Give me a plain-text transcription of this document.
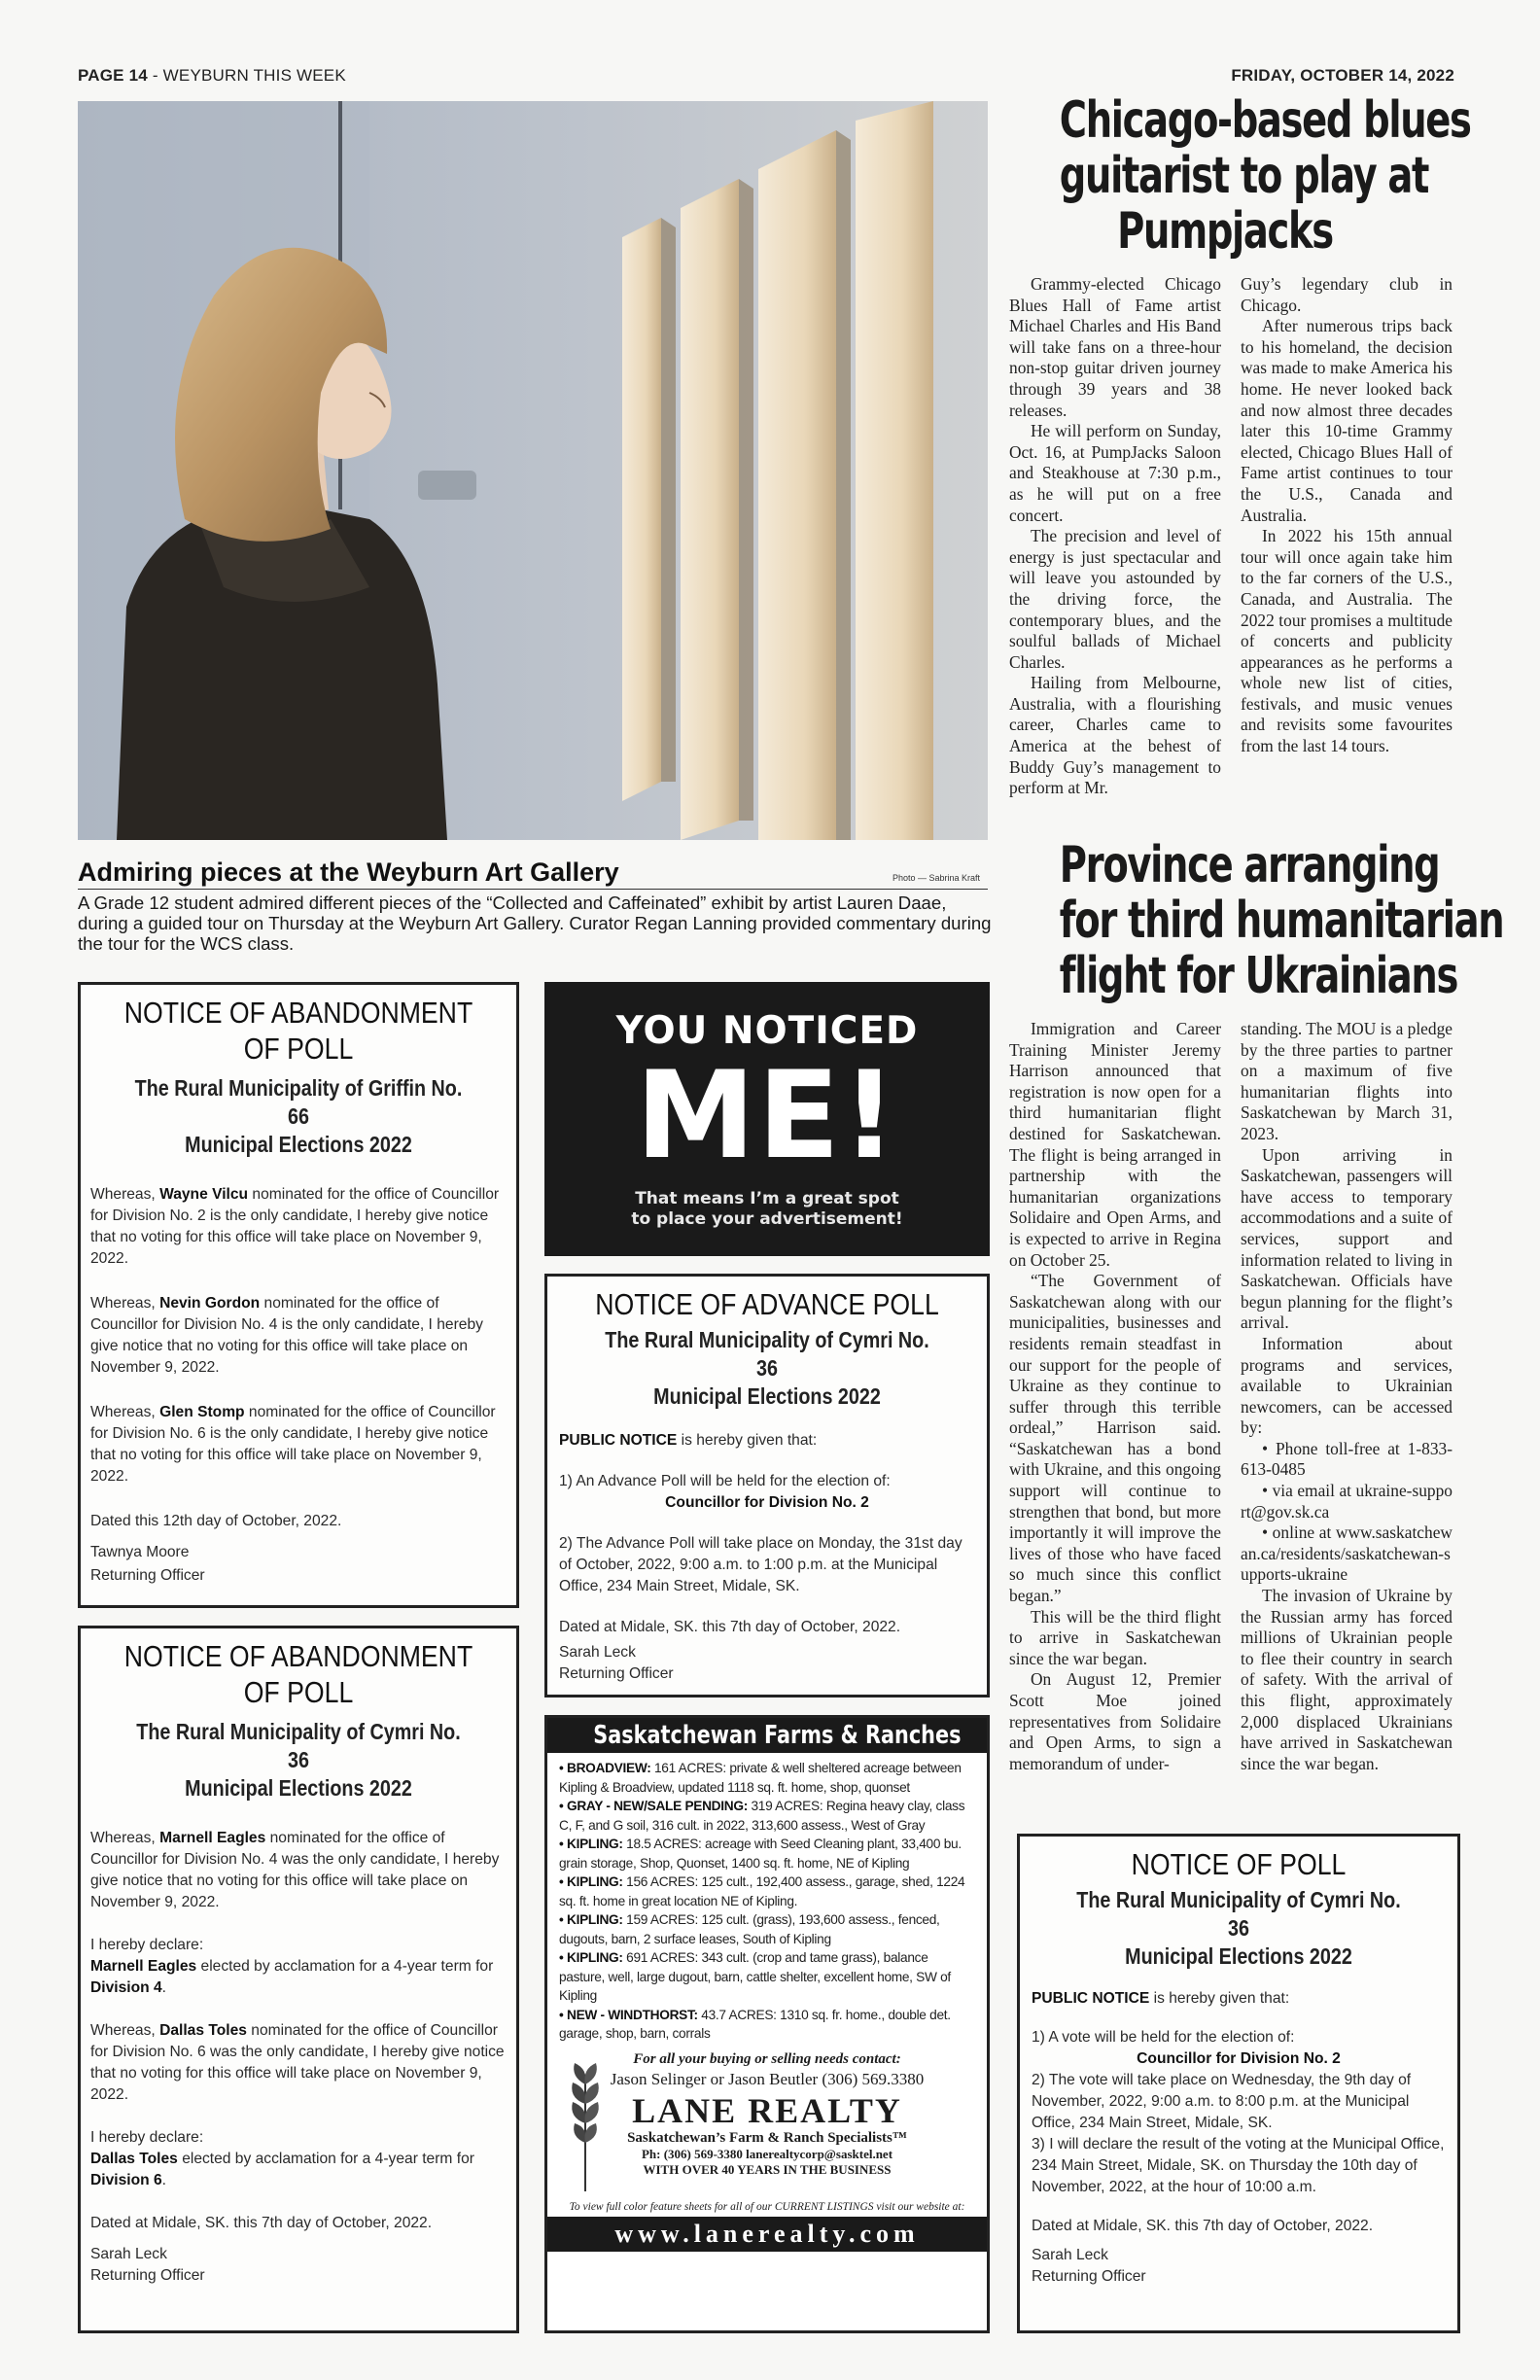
PAGE 14 - WEYBURN THIS WEEK	FRIDAY, OCTOBER 14, 2022
Admiring pieces at the Weyburn Art Gallery	Photo — Sabrina Kraft
A Grade 12 student admired different pieces of the “Collected and Caffeinated” exhibit by artist Lauren Daae, during a guided tour on Thursday at the Weyburn Art Gallery. Curator Regan Lanning provided commentary during the tour for the WCS class.
Chicago-based blues
guitarist to play at
Pumpjacks

Grammy-elected Chicago Blues Hall of Fame artist Michael Charles and His Band will take fans on a three-hour non-stop guitar driven journey through 39 years and 38 releases.

He will perform on Sunday, Oct. 16, at PumpJacks Saloon and Steakhouse at 7:30 p.m., as he will put on a free concert.

The precision and level of energy is just spectacular and will leave you astounded by the driving force, the contemporary blues, and the soulful ballads of Michael Charles.

Hailing from Melbourne, Australia, with a flourishing career, Charles came to America at the behest of Buddy Guy’s management to perform at Mr.

Guy’s legendary club in Chicago.

After numerous trips back to his homeland, the decision was made to make America his home. He never looked back and now almost three decades later this 10-time Grammy elected, Chicago Blues Hall of Fame artist continues to tour the U.S., Canada and Australia.

In 2022 his 15th annual tour will once again take him to the far corners of the U.S., Canada, and Australia. The 2022 tour promises a multitude of concerts and publicity appearances as he performs a whole new list of cities, festivals, and music venues and revisits some favourites from the last 14 tours.

Province arranging
for third humanitarian
flight for Ukrainians

Immigration and Career Training Minister Jeremy Harrison announced that registration is now open for a third humanitarian flight destined for Saskatchewan. The flight is being arranged in partnership with the humanitarian organizations Solidaire and Open Arms, and is expected to arrive in Regina on October 25.

“The Government of Saskatchewan along with our municipalities, businesses and residents remain steadfast in our support for the people of Ukraine as they continue to suffer through this terrible ordeal,” Harrison said. “Saskatchewan has a bond with Ukraine, and this ongoing support will continue to strengthen that bond, but more importantly it will improve the lives of those who have faced so much since this conflict began.”

This will be the third flight to arrive in Saskatchewan since the war began.

On August 12, Premier Scott Moe joined representatives from Solidaire and Open Arms, to sign a memorandum of under-

standing. The MOU is a pledge by the three parties to partner on a maximum of five humanitarian flights into Saskatchewan by March 31, 2023.

Upon arriving in Saskatchewan, passengers will have access to temporary accommodations and a suite of services, support and information related to living in Saskatchewan. Officials have begun planning for the flight’s arrival.

Information about programs and services, available to Ukrainian newcomers, can be accessed by:

• Phone toll-free at 1-833-613-0485

• via email at ukraine-support@gov.sk.ca

• online at www.saskatchewan.ca/residents/saskatchewan-supports-ukraine

The invasion of Ukraine by the Russian army has forced millions of Ukrainian people to flee their country in search of safety. With the arrival of this flight, approximately 2,000 displaced Ukrainians have arrived in Saskatchewan since the war began.

NOTICE OF ABANDONMENT
OF POLL
The Rural Municipality of Griffin No. 66
Municipal Elections 2022
Whereas, Wayne Vilcu nominated for the office of Councillor for Division No. 2 is the only candidate, I hereby give notice that no voting for this office will take place on November 9, 2022.
Whereas, Nevin Gordon nominated for the office of Councillor for Division No. 4 is the only candidate, I hereby give notice that no voting for this office will take place on November 9, 2022.
Whereas, Glen Stomp nominated for the office of Councillor for Division No. 6 is the only candidate, I hereby give notice that no voting for this office will take place on November 9, 2022.
Dated this 12th day of October, 2022.
Tawnya Moore
Returning Officer
NOTICE OF ABANDONMENT
OF POLL
The Rural Municipality of Cymri No. 36
Municipal Elections 2022
Whereas, Marnell Eagles nominated for the office of Councillor for Division No. 4 was the only candidate, I hereby give notice that no voting for this office will take place on November 9, 2022.
I hereby declare:
Marnell Eagles elected by acclamation for a 4-year term for Division 4.
Whereas, Dallas Toles nominated for the office of Councillor for Division No. 6 was the only candidate, I hereby give notice that no voting for this office will take place on November 9, 2022.
I hereby declare:
Dallas Toles elected by acclamation for a 4-year term for Division 6.
Dated at Midale, SK. this 7th day of October, 2022.
Sarah Leck
Returning Officer
YOU NOTICED
ME!
That means I’m a great spot
to place your advertisement!
NOTICE OF ADVANCE POLL
The Rural Municipality of Cymri No. 36
Municipal Elections 2022
PUBLIC NOTICE is hereby given that:
1) An Advance Poll will be held for the election of:
Councillor for Division No. 2
2) The Advance Poll will take place on Monday, the 31st day of October, 2022, 9:00 a.m. to 1:00 p.m. at the Municipal Office, 234 Main Street, Midale, SK.
Dated at Midale, SK. this 7th day of October, 2022.
Sarah Leck
Returning Officer
Saskatchewan Farms & Ranches
• BROADVIEW: 161 ACRES: private & well sheltered acreage between Kipling & Broadview, updated 1118 sq. ft. home, shop, quonset
• GRAY - NEW/SALE PENDING: 319 ACRES: Regina heavy clay, class C, F, and G soil, 316 cult. in 2022, 313,600 assess., West of Gray
• KIPLING: 18.5 ACRES: acreage with Seed Cleaning plant, 33,400 bu. grain storage, Shop, Quonset, 1400 sq. ft. home, NE of Kipling
• KIPLING: 156 ACRES: 125 cult., 192,400 assess., garage, shed, 1224 sq. ft. home in great location NE of Kipling.
• KIPLING: 159 ACRES: 125 cult. (grass), 193,600 assess., fenced, dugouts, barn, 2 surface leases, South of Kipling
• KIPLING: 691 ACRES: 343 cult. (crop and tame grass), balance pasture, well, large dugout, barn, cattle shelter, excellent home, SW of Kipling
• NEW - WINDTHORST: 43.7 ACRES: 1310 sq. fr. home., double det. garage, shop, barn, corrals
For all your buying or selling needs contact:
Jason Selinger or Jason Beutler (306) 569.3380
LANE REALTY
Saskatchewan’s Farm & Ranch Specialists™
Ph: (306) 569-3380 lanerealtycorp@sasktel.net
WITH OVER 40 YEARS IN THE BUSINESS
To view full color feature sheets for all of our CURRENT LISTINGS visit our website at:
www.lanerealty.com
NOTICE OF POLL
The Rural Municipality of Cymri No. 36
Municipal Elections 2022
PUBLIC NOTICE is hereby given that:
1) A vote will be held for the election of:
Councillor for Division No. 2
2) The vote will take place on Wednesday, the 9th day of November, 2022, 9:00 a.m. to 8:00 p.m. at the Municipal Office, 234 Main Street, Midale, SK.
3) I will declare the result of the voting at the Municipal Office, 234 Main Street, Midale, SK. on Thursday the 10th day of November, 2022, at the hour of 10:00 a.m.
Dated at Midale, SK. this 7th day of October, 2022.
Sarah Leck
Returning Officer
